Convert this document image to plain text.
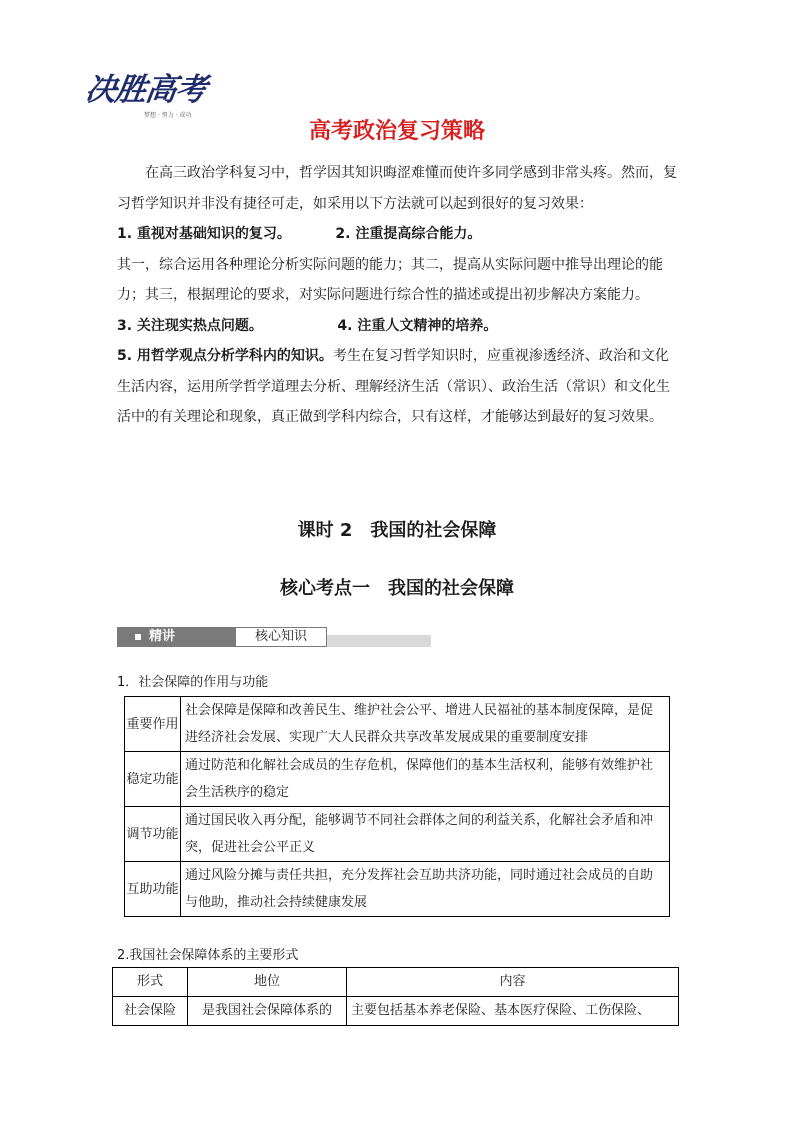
决胜高考
梦想 · 努力 · 成功
高考政治复习策略

在高三政治学科复习中，哲学因其知识晦涩难懂而使许多同学感到非常头疼。然而，复习哲学知识并非没有捷径可走，如采用以下方法就可以起到很好的复习效果：

1. 重视对基础知识的复习。	2. 注重提高综合能力。

其一，综合运用各种理论分析实际问题的能力；其二，提高从实际问题中推导出理论的能力；其三，根据理论的要求，对实际问题进行综合性的描述或提出初步解决方案能力。

3. 关注现实热点问题。	4. 注重人文精神的培养。

5. 用哲学观点分析学科内的知识。考生在复习哲学知识时，应重视渗透经济、政治和文化生活内容，运用所学哲学道理去分析、理解经济生活（常识）、政治生活（常识）和文化生活中的有关理论和现象，真正做到学科内综合，只有这样，才能够达到最好的复习效果。

课时 2　我国的社会保障
核心考点一　我国的社会保障
精讲	核心知识
1．社会保障的作用与功能
重要作用	社会保障是保障和改善民生、维护社会公平、增进人民福祉的基本制度保障，是促进经济社会发展、实现广大人民群众共享改革发展成果的重要制度安排
稳定功能	通过防范和化解社会成员的生存危机，保障他们的基本生活权利，能够有效维护社会生活秩序的稳定
调节功能	通过国民收入再分配，能够调节不同社会群体之间的利益关系，化解社会矛盾和冲突，促进社会公平正义
互助功能	通过风险分摊与责任共担，充分发挥社会互助共济功能，同时通过社会成员的自助与他助，推动社会持续健康发展
2.我国社会保障体系的主要形式
形式	地位	内容
社会保险	是我国社会保障体系的	主要包括基本养老保险、基本医疗保险、工伤保险、
